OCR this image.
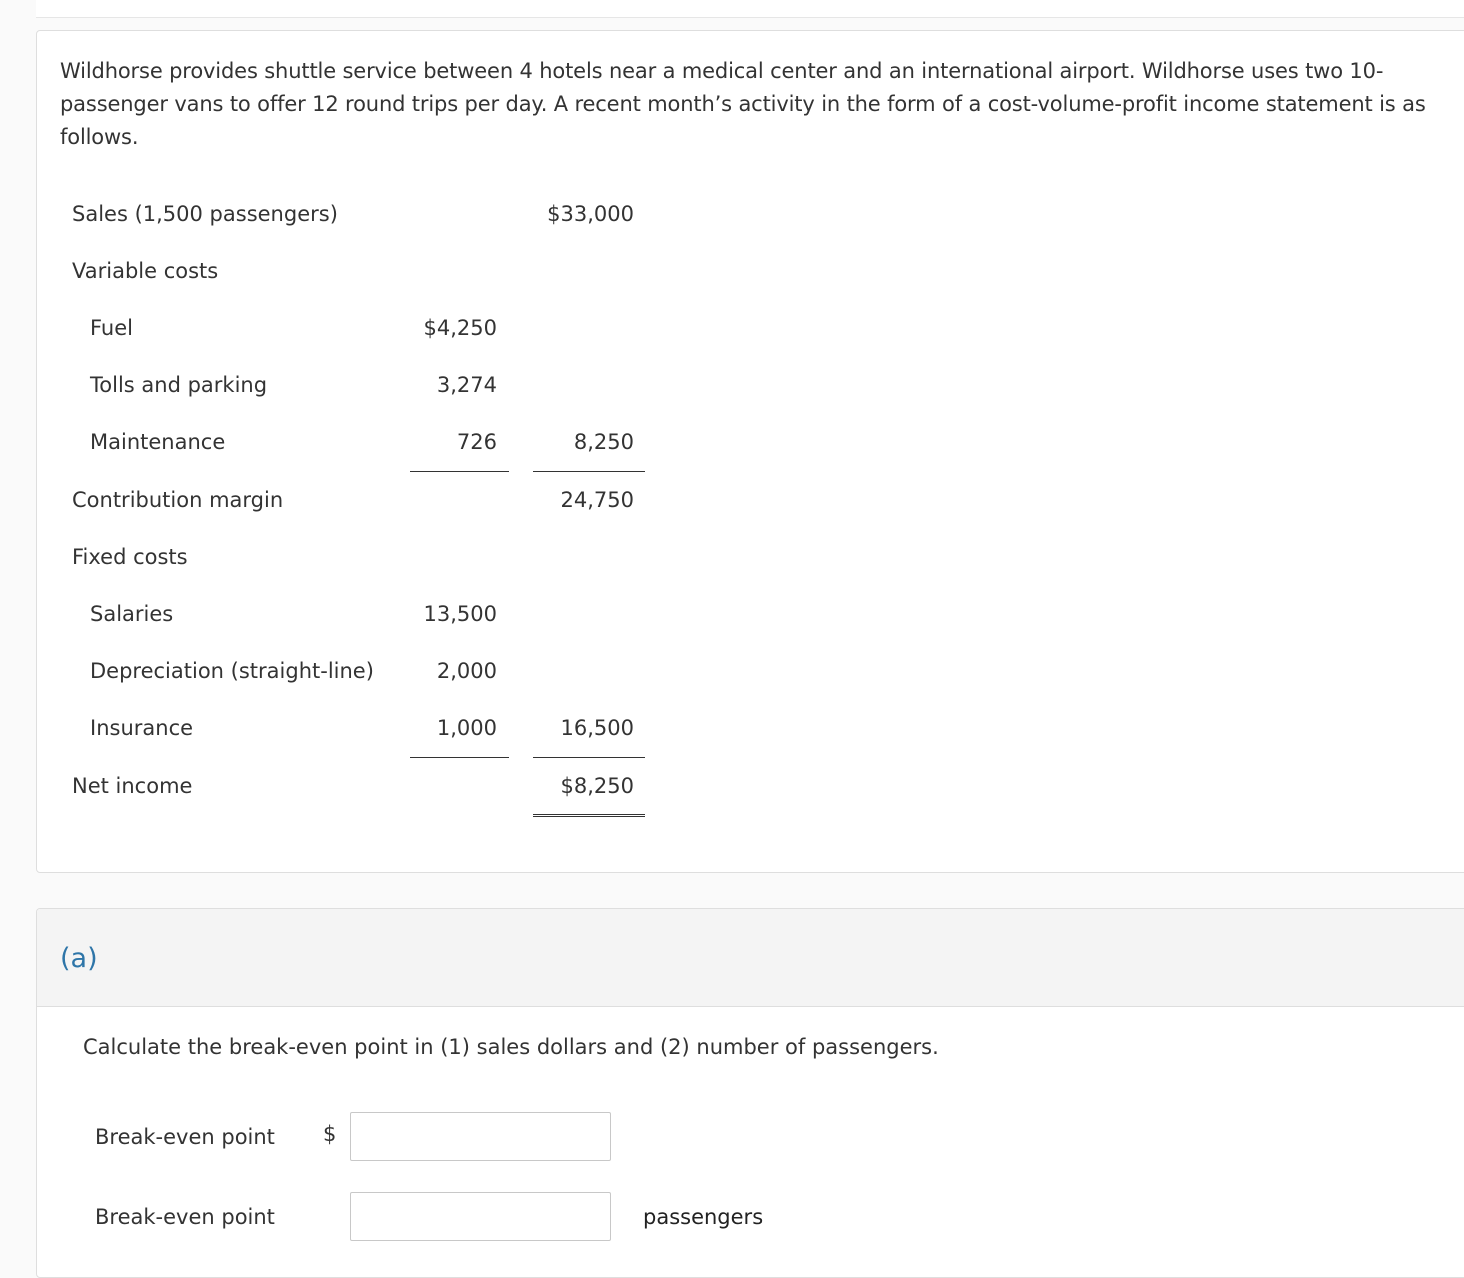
Wildhorse provides shuttle service between 4 hotels near a medical center and an international airport. Wildhorse uses two 10-passenger vans to offer 12 round trips per day. A recent month’s activity in the form of a cost-volume-profit income statement is as follows.

Sales (1,500 passengers)	$33,000
Variable costs
Fuel	$4,250
Tolls and parking	3,274
Maintenance	726	8,250
Contribution margin	24,750
Fixed costs
Salaries	13,500
Depreciation (straight-line)	2,000
Insurance	1,000	16,500
Net income	$8,250
(a)
Calculate the break-even point in (1) sales dollars and (2) number of passengers.
Break-even point $
Break-even point	passengers
